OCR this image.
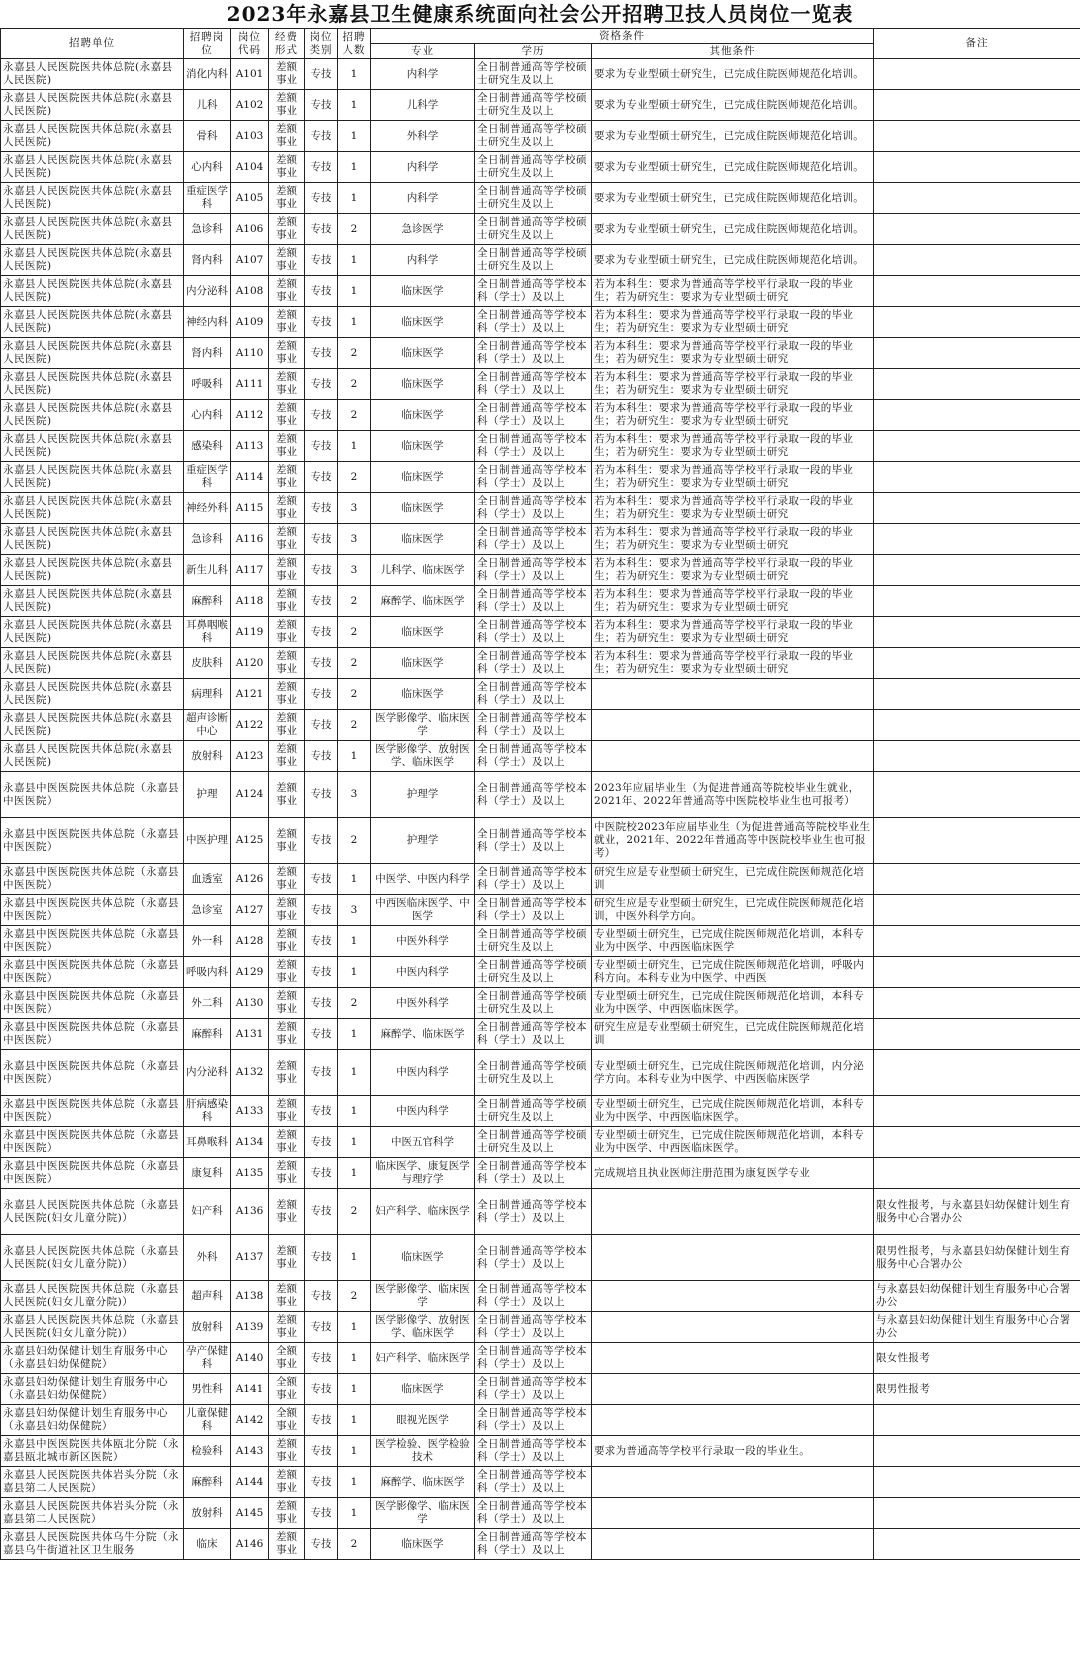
2023年永嘉县卫生健康系统面向社会公开招聘卫技人员岗位一览表
招聘单位	招聘岗位	岗位代码	经费形式	岗位类别	招聘人数	资格条件			备注
						专业	学历	其他条件	
永嘉县人民医院医共体总院(永嘉县人民医院)	消化内科	A101	差额事业	专技	1	内科学	全日制普通高等学校硕士研究生及以上	要求为专业型硕士研究生，已完成住院医师规范化培训。	
永嘉县人民医院医共体总院(永嘉县人民医院)	儿科	A102	差额事业	专技	1	儿科学	全日制普通高等学校硕士研究生及以上	要求为专业型硕士研究生，已完成住院医师规范化培训。	
永嘉县人民医院医共体总院(永嘉县人民医院)	骨科	A103	差额事业	专技	1	外科学	全日制普通高等学校硕士研究生及以上	要求为专业型硕士研究生，已完成住院医师规范化培训。	
永嘉县人民医院医共体总院(永嘉县人民医院)	心内科	A104	差额事业	专技	1	内科学	全日制普通高等学校硕士研究生及以上	要求为专业型硕士研究生，已完成住院医师规范化培训。	
永嘉县人民医院医共体总院(永嘉县人民医院)	重症医学科	A105	差额事业	专技	1	内科学	全日制普通高等学校硕士研究生及以上	要求为专业型硕士研究生，已完成住院医师规范化培训。	
永嘉县人民医院医共体总院(永嘉县人民医院)	急诊科	A106	差额事业	专技	2	急诊医学	全日制普通高等学校硕士研究生及以上	要求为专业型硕士研究生，已完成住院医师规范化培训。	
永嘉县人民医院医共体总院(永嘉县人民医院)	肾内科	A107	差额事业	专技	1	内科学	全日制普通高等学校硕士研究生及以上	要求为专业型硕士研究生，已完成住院医师规范化培训。	
永嘉县人民医院医共体总院(永嘉县人民医院)	内分泌科	A108	差额事业	专技	1	临床医学	全日制普通高等学校本科（学士）及以上	若为本科生：要求为普通高等学校平行录取一段的毕业生；若为研究生：要求为专业型硕士研究	
永嘉县人民医院医共体总院(永嘉县人民医院)	神经内科	A109	差额事业	专技	1	临床医学	全日制普通高等学校本科（学士）及以上	若为本科生：要求为普通高等学校平行录取一段的毕业生；若为研究生：要求为专业型硕士研究	
永嘉县人民医院医共体总院(永嘉县人民医院)	肾内科	A110	差额事业	专技	2	临床医学	全日制普通高等学校本科（学士）及以上	若为本科生：要求为普通高等学校平行录取一段的毕业生；若为研究生：要求为专业型硕士研究	
永嘉县人民医院医共体总院(永嘉县人民医院)	呼吸科	A111	差额事业	专技	2	临床医学	全日制普通高等学校本科（学士）及以上	若为本科生：要求为普通高等学校平行录取一段的毕业生；若为研究生：要求为专业型硕士研究	
永嘉县人民医院医共体总院(永嘉县人民医院)	心内科	A112	差额事业	专技	2	临床医学	全日制普通高等学校本科（学士）及以上	若为本科生：要求为普通高等学校平行录取一段的毕业生；若为研究生：要求为专业型硕士研究	
永嘉县人民医院医共体总院(永嘉县人民医院)	感染科	A113	差额事业	专技	1	临床医学	全日制普通高等学校本科（学士）及以上	若为本科生：要求为普通高等学校平行录取一段的毕业生；若为研究生：要求为专业型硕士研究	
永嘉县人民医院医共体总院(永嘉县人民医院)	重症医学科	A114	差额事业	专技	2	临床医学	全日制普通高等学校本科（学士）及以上	若为本科生：要求为普通高等学校平行录取一段的毕业生；若为研究生：要求为专业型硕士研究	
永嘉县人民医院医共体总院(永嘉县人民医院)	神经外科	A115	差额事业	专技	3	临床医学	全日制普通高等学校本科（学士）及以上	若为本科生：要求为普通高等学校平行录取一段的毕业生；若为研究生：要求为专业型硕士研究	
永嘉县人民医院医共体总院(永嘉县人民医院)	急诊科	A116	差额事业	专技	3	临床医学	全日制普通高等学校本科（学士）及以上	若为本科生：要求为普通高等学校平行录取一段的毕业生；若为研究生：要求为专业型硕士研究	
永嘉县人民医院医共体总院(永嘉县人民医院)	新生儿科	A117	差额事业	专技	3	儿科学、临床医学	全日制普通高等学校本科（学士）及以上	若为本科生：要求为普通高等学校平行录取一段的毕业生；若为研究生：要求为专业型硕士研究	
永嘉县人民医院医共体总院(永嘉县人民医院)	麻醉科	A118	差额事业	专技	2	麻醉学、临床医学	全日制普通高等学校本科（学士）及以上	若为本科生：要求为普通高等学校平行录取一段的毕业生；若为研究生：要求为专业型硕士研究	
永嘉县人民医院医共体总院(永嘉县人民医院)	耳鼻咽喉科	A119	差额事业	专技	2	临床医学	全日制普通高等学校本科（学士）及以上	若为本科生：要求为普通高等学校平行录取一段的毕业生；若为研究生：要求为专业型硕士研究	
永嘉县人民医院医共体总院(永嘉县人民医院)	皮肤科	A120	差额事业	专技	2	临床医学	全日制普通高等学校本科（学士）及以上	若为本科生：要求为普通高等学校平行录取一段的毕业生；若为研究生：要求为专业型硕士研究	
永嘉县人民医院医共体总院(永嘉县人民医院)	病理科	A121	差额事业	专技	2	临床医学	全日制普通高等学校本科（学士）及以上		
永嘉县人民医院医共体总院(永嘉县人民医院)	超声诊断中心	A122	差额事业	专技	2	医学影像学、临床医学	全日制普通高等学校本科（学士）及以上		
永嘉县人民医院医共体总院(永嘉县人民医院)	放射科	A123	差额事业	专技	1	医学影像学、放射医学、临床医学	全日制普通高等学校本科（学士）及以上		
永嘉县中医医院医共体总院（永嘉县中医医院）	护理	A124	差额事业	专技	3	护理学	全日制普通高等学校本科（学士）及以上	2023年应届毕业生（为促进普通高等院校毕业生就业，2021年、2022年普通高等中医院校毕业生也可报考）	
永嘉县中医医院医共体总院（永嘉县中医医院）	中医护理	A125	差额事业	专技	2	护理学	全日制普通高等学校本科（学士）及以上	中医院校2023年应届毕业生（为促进普通高等院校毕业生就业，2021年、2022年普通高等中医院校毕业生也可报考）	
永嘉县中医医院医共体总院（永嘉县中医医院）	血透室	A126	差额事业	专技	1	中医学、中医内科学	全日制普通高等学校本科（学士）及以上	研究生应是专业型硕士研究生，已完成住院医师规范化培训	
永嘉县中医医院医共体总院（永嘉县中医医院）	急诊室	A127	差额事业	专技	3	中西医临床医学、中医学	全日制普通高等学校本科（学士）及以上	研究生应是专业型硕士研究生，已完成住院医师规范化培训，中医外科学方向。	
永嘉县中医医院医共体总院（永嘉县中医医院）	外一科	A128	差额事业	专技	1	中医外科学	全日制普通高等学校硕士研究生及以上	专业型硕士研究生，已完成住院医师规范化培训，本科专业为中医学、中西医临床医学	
永嘉县中医医院医共体总院（永嘉县中医医院）	呼吸内科	A129	差额事业	专技	1	中医内科学	全日制普通高等学校硕士研究生及以上	专业型硕士研究生，已完成住院医师规范化培训，呼吸内科方向。本科专业为中医学、中西医	
永嘉县中医医院医共体总院（永嘉县中医医院）	外二科	A130	差额事业	专技	2	中医外科学	全日制普通高等学校硕士研究生及以上	专业型硕士研究生，已完成住院医师规范化培训，本科专业为中医学、中西医临床医学。	
永嘉县中医医院医共体总院（永嘉县中医医院）	麻醉科	A131	差额事业	专技	1	麻醉学、临床医学	全日制普通高等学校本科（学士）及以上	研究生应是专业型硕士研究生，已完成住院医师规范化培训	
永嘉县中医医院医共体总院（永嘉县中医医院）	内分泌科	A132	差额事业	专技	1	中医内科学	全日制普通高等学校硕士研究生及以上	专业型硕士研究生，已完成住院医师规范化培训，内分泌学方向。本科专业为中医学、中西医临床医学	
永嘉县中医医院医共体总院（永嘉县中医医院）	肝病感染科	A133	差额事业	专技	1	中医内科学	全日制普通高等学校硕士研究生及以上	专业型硕士研究生，已完成住院医师规范化培训，本科专业为中医学、中西医临床医学。	
永嘉县中医医院医共体总院（永嘉县中医医院）	耳鼻喉科	A134	差额事业	专技	1	中医五官科学	全日制普通高等学校硕士研究生及以上	专业型硕士研究生，已完成住院医师规范化培训，本科专业为中医学、中西医临床医学。	
永嘉县中医医院医共体总院（永嘉县中医医院）	康复科	A135	差额事业	专技	1	临床医学、康复医学与理疗学	全日制普通高等学校本科（学士）及以上	完成规培且执业医师注册范围为康复医学专业	
永嘉县人民医院医共体总院（永嘉县人民医院(妇女儿童分院)）	妇产科	A136	差额事业	专技	2	妇产科学、临床医学	全日制普通高等学校本科（学士）及以上		限女性报考，与永嘉县妇幼保健计划生育服务中心合署办公
永嘉县人民医院医共体总院（永嘉县人民医院(妇女儿童分院)）	外科	A137	差额事业	专技	1	临床医学	全日制普通高等学校本科（学士）及以上		限男性报考，与永嘉县妇幼保健计划生育服务中心合署办公
永嘉县人民医院医共体总院（永嘉县人民医院(妇女儿童分院)）	超声科	A138	差额事业	专技	2	医学影像学、临床医学	全日制普通高等学校本科（学士）及以上		与永嘉县妇幼保健计划生育服务中心合署办公
永嘉县人民医院医共体总院（永嘉县人民医院(妇女儿童分院)）	放射科	A139	差额事业	专技	1	医学影像学、放射医学、临床医学	全日制普通高等学校本科（学士）及以上		与永嘉县妇幼保健计划生育服务中心合署办公
永嘉县妇幼保健计划生育服务中心（永嘉县妇幼保健院）	孕产保健科	A140	全额事业	专技	1	妇产科学、临床医学	全日制普通高等学校本科（学士）及以上		限女性报考
永嘉县妇幼保健计划生育服务中心（永嘉县妇幼保健院）	男性科	A141	全额事业	专技	1	临床医学	全日制普通高等学校本科（学士）及以上		限男性报考
永嘉县妇幼保健计划生育服务中心（永嘉县妇幼保健院）	儿童保健科	A142	全额事业	专技	1	眼视光医学	全日制普通高等学校本科（学士）及以上		
永嘉县中医医院医共体瓯北分院（永嘉县瓯北城市新区医院）	检验科	A143	差额事业	专技	1	医学检验、医学检验技术	全日制普通高等学校本科（学士）及以上	要求为普通高等学校平行录取一段的毕业生。	
永嘉县人民医院医共体岩头分院（永嘉县第二人民医院）	麻醉科	A144	差额事业	专技	1	麻醉学、临床医学	全日制普通高等学校本科（学士）及以上		
永嘉县人民医院医共体岩头分院（永嘉县第二人民医院）	放射科	A145	差额事业	专技	1	医学影像学、临床医学	全日制普通高等学校本科（学士）及以上		
永嘉县人民医院医共体乌牛分院（永嘉县乌牛街道社区卫生服务	临床	A146	差额事业	专技	2	临床医学	全日制普通高等学校本科（学士）及以上		
